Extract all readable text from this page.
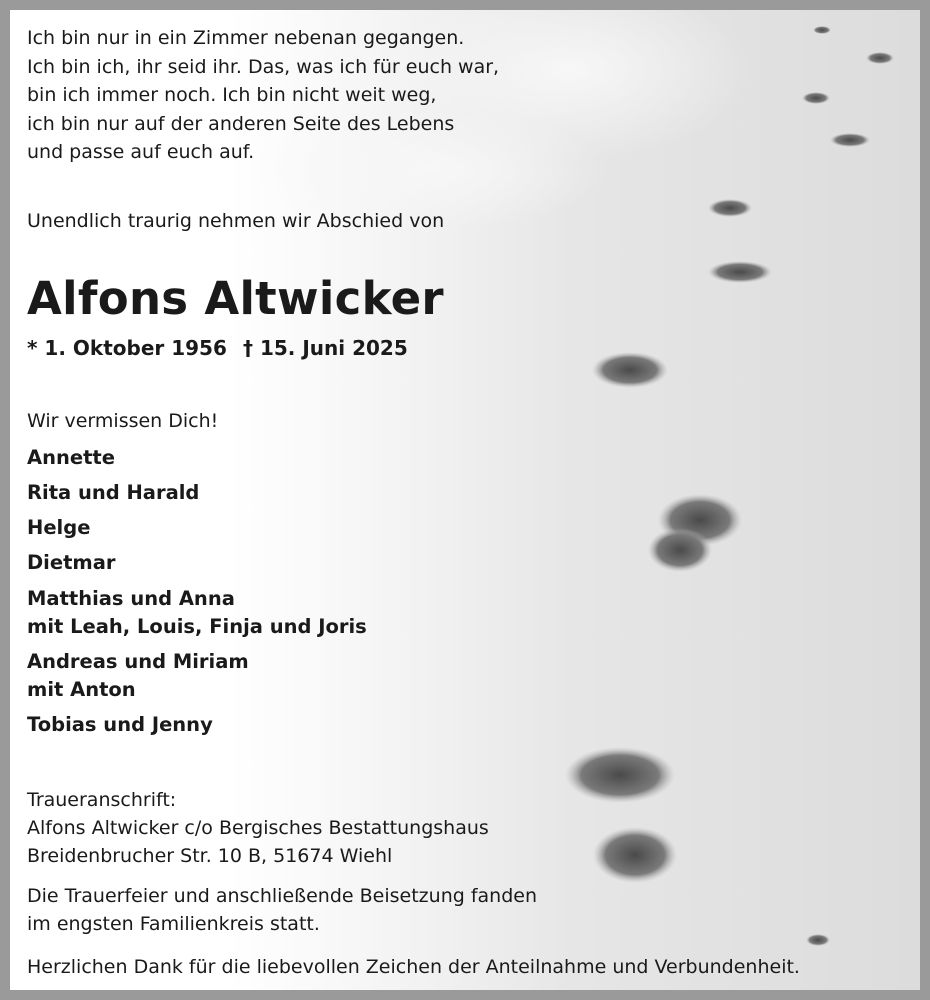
Ich bin nur in ein Zimmer nebenan gegangen.
Ich bin ich, ihr seid ihr. Das, was ich für euch war,
bin ich immer noch. Ich bin nicht weit weg,
ich bin nur auf der anderen Seite des Lebens
und passe auf euch auf.
Unendlich traurig nehmen wir Abschied von
Alfons Altwicker
* 1. Oktober 1956 † 15. Juni 2025
Wir vermissen Dich!
Annette
Rita und Harald
Helge
Dietmar
Matthias und Anna
mit Leah, Louis, Finja und Joris
Andreas und Miriam
mit Anton
Tobias und Jenny
Traueranschrift:
Alfons Altwicker c/o Bergisches Bestattungshaus
Breidenbrucher Str. 10 B, 51674 Wiehl
Die Trauerfeier und anschließende Beisetzung fanden
im engsten Familienkreis statt.
Herzlichen Dank für die liebevollen Zeichen der Anteilnahme und Verbundenheit.
